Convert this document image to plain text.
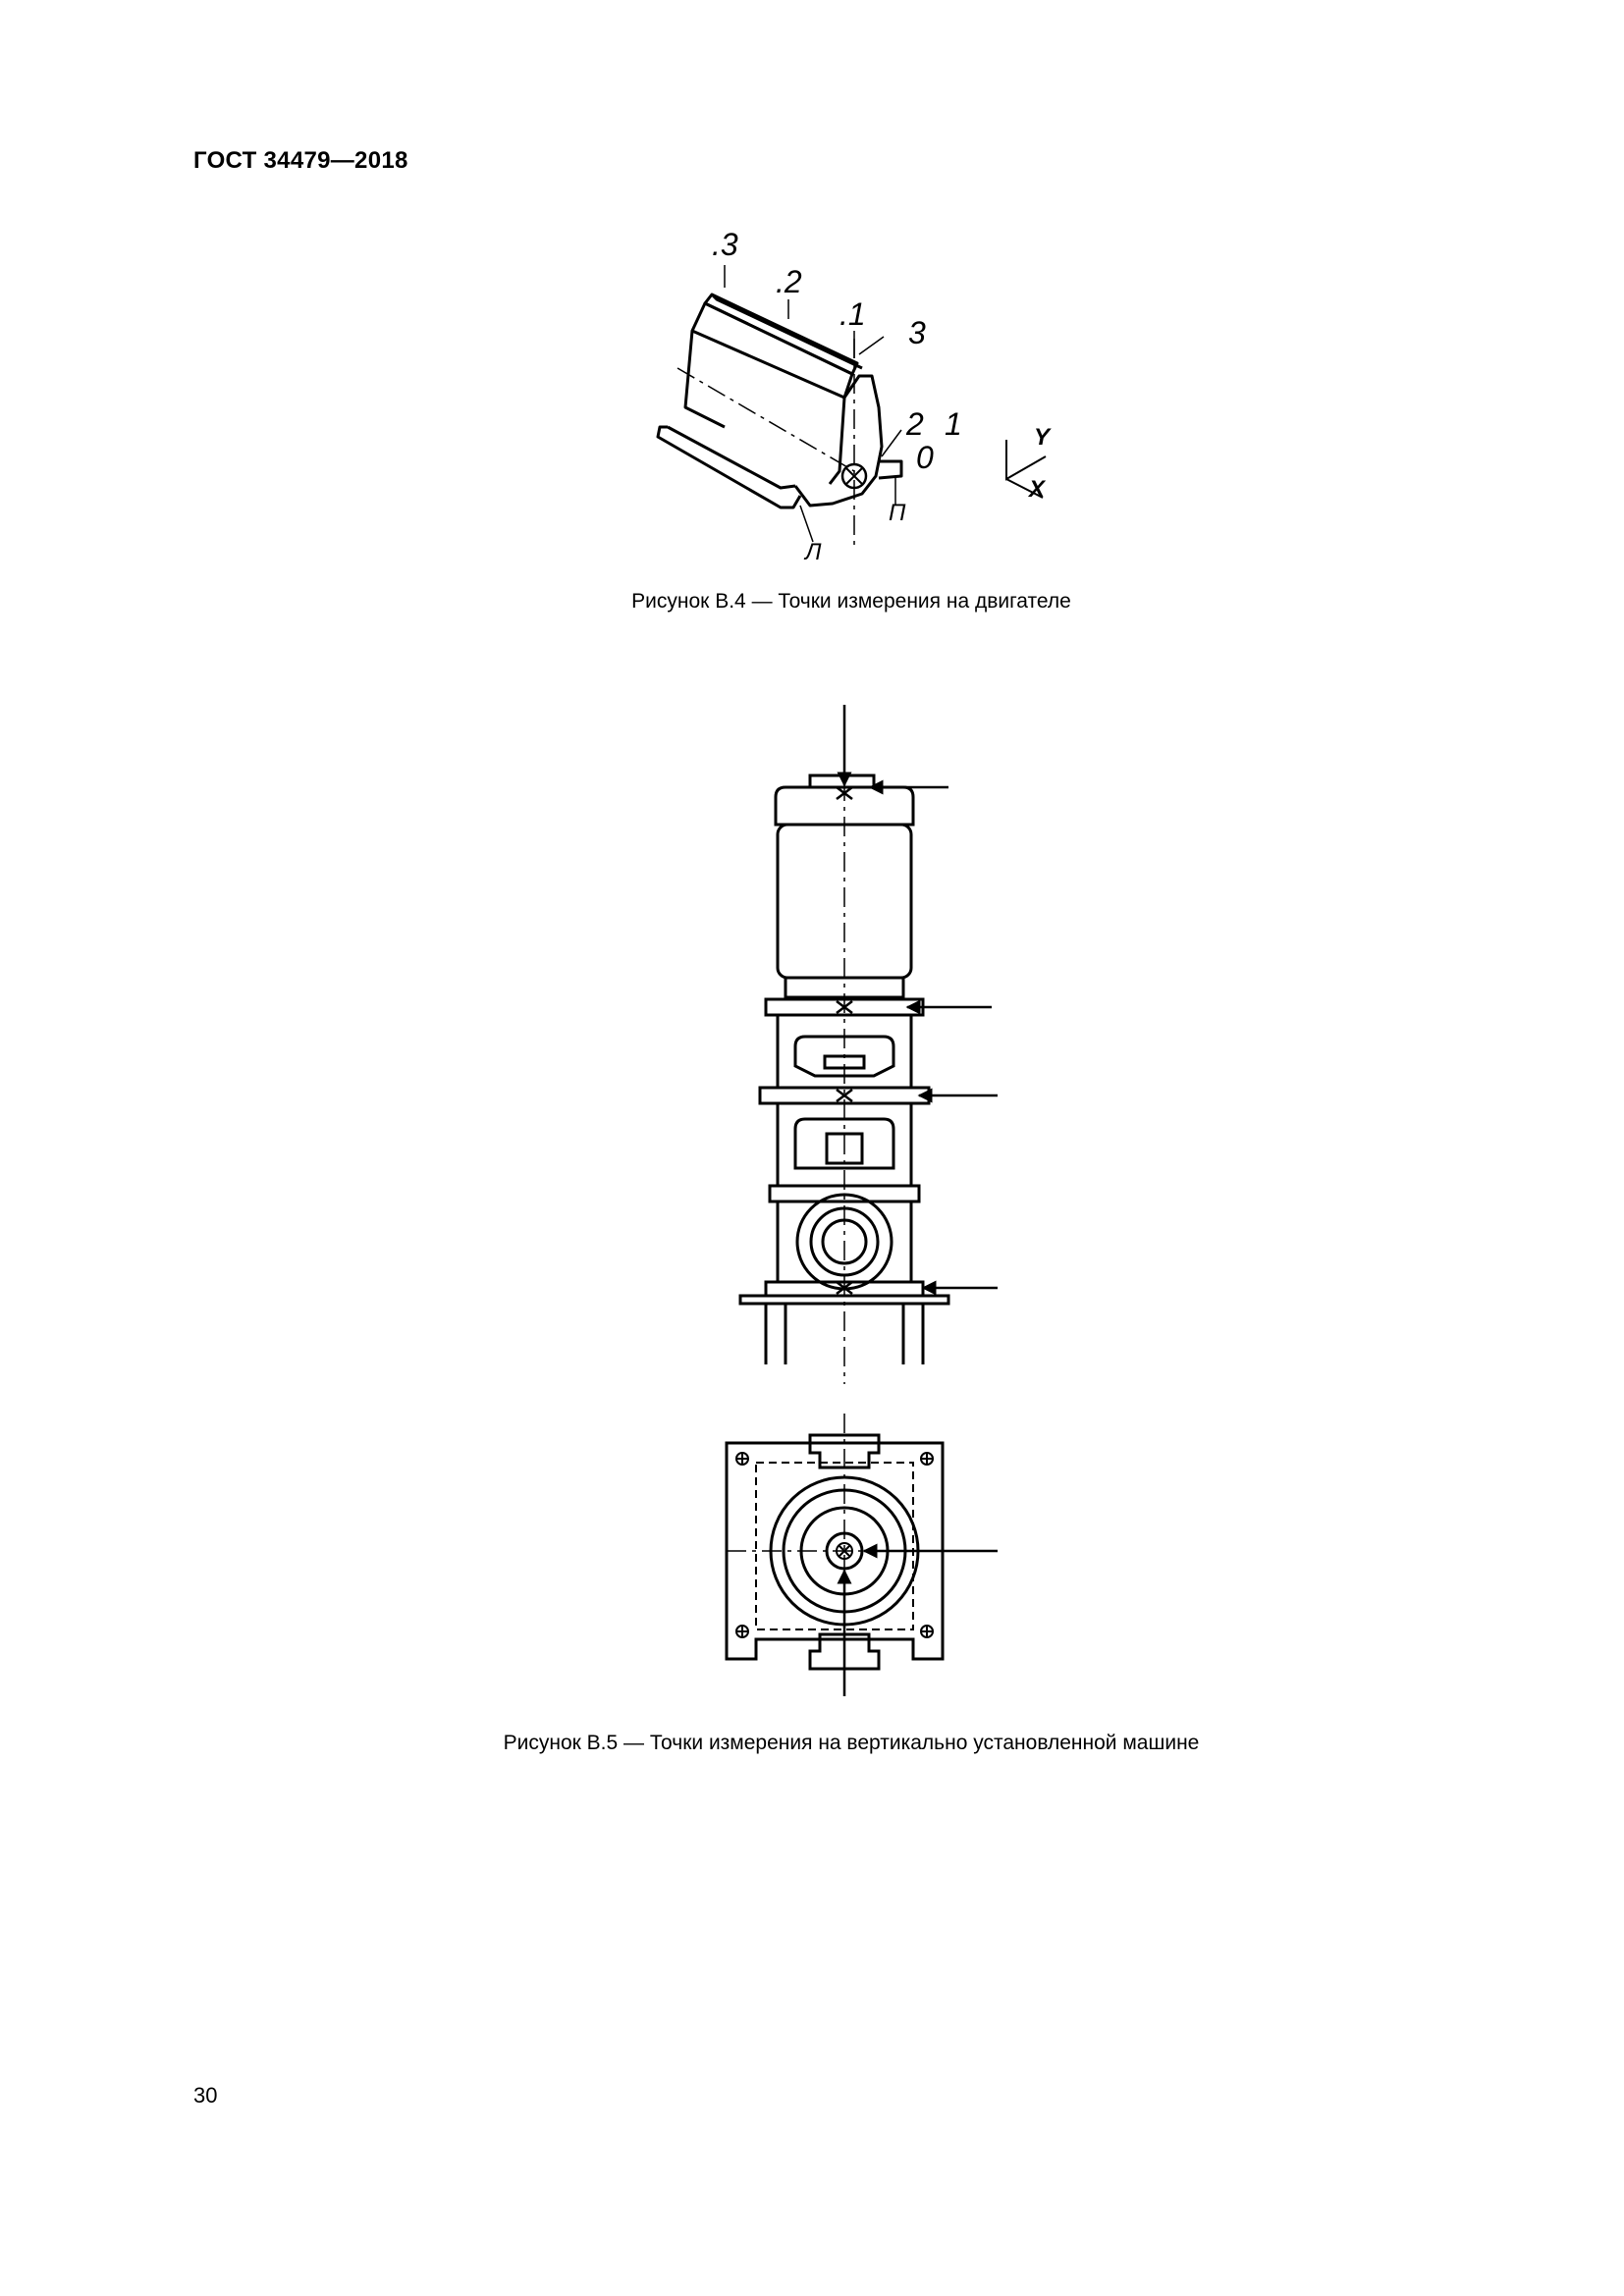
ГОСТ 34479—2018
.3
.2
.1
3
2 1
0
Л
П
Y
X
Рисунок В.4 — Точки измерения на двигателе
Рисунок В.5 — Точки измерения на вертикально установленной машине
30
